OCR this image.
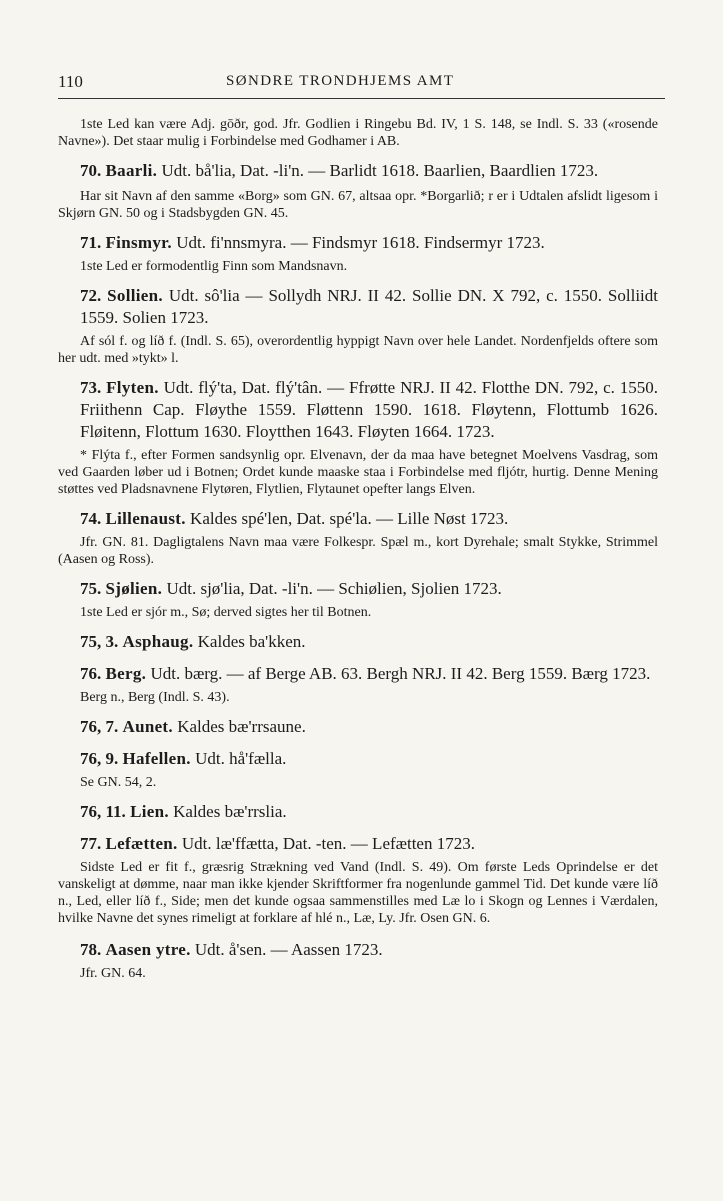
110	SØNDRE TRONDHJEMS AMT

1ste Led kan være Adj. gōðr, god. Jfr. Godlien i Ringebu Bd. IV, 1 S. 148, se Indl. S. 33 («rosende Navne»). Det staar mulig i Forbindelse med Godhamer i AB.

70. Baarli. Udt. bå'lia, Dat. -li'n. — Barlidt 1618. Baarlien, Baardlien 1723.

Har sit Navn af den samme «Borg» som GN. 67, altsaa opr. *Borgarlið; r er i Udtalen afslidt ligesom i Skjørn GN. 50 og i Stadsbygden GN. 45.

71. Finsmyr. Udt. fi'nnsmyra. — Findsmyr 1618. Findsermyr 1723.

1ste Led er formodentlig Finn som Mandsnavn.

72. Sollien. Udt. sô'lia — Sollydh NRJ. II 42. Sollie DN. X 792, c. 1550. Solliidt 1559. Solien 1723.

Af sól f. og líð f. (Indl. S. 65), overordentlig hyppigt Navn over hele Landet. Nordenfjelds oftere som her udt. med »tykt» l.

73. Flyten. Udt. flý'ta, Dat. flý'tân. — Ffrøtte NRJ. II 42. Flotthe DN. 792, c. 1550. Friithenn Cap. Fløythe 1559. Fløttenn 1590. 1618. Fløytenn, Flottumb 1626. Fløitenn, Flottum 1630. Floytthen 1643. Fløyten 1664. 1723.

* Flýta f., efter Formen sandsynlig opr. Elvenavn, der da maa have betegnet Moelvens Vasdrag, som ved Gaarden løber ud i Botnen; Ordet kunde maaske staa i Forbindelse med fljótr, hurtig. Denne Mening støttes ved Pladsnavnene Flytøren, Flytlien, Flytaunet opefter langs Elven.

74. Lillenaust. Kaldes spé'len, Dat. spé'la. — Lille Nøst 1723.

Jfr. GN. 81. Dagligtalens Navn maa være Folkespr. Spæl m., kort Dyrehale; smalt Stykke, Strimmel (Aasen og Ross).

75. Sjølien. Udt. sjø'lia, Dat. -li'n. — Schiølien, Sjolien 1723.

1ste Led er sjór m., Sø; derved sigtes her til Botnen.

75, 3. Asphaug. Kaldes ba'kken.

76. Berg. Udt. bærg. — af Berge AB. 63. Bergh NRJ. II 42. Berg 1559. Bærg 1723.

Berg n., Berg (Indl. S. 43).

76, 7. Aunet. Kaldes bæ'rrsaune.

76, 9. Hafellen. Udt. hå'fælla.

Se GN. 54, 2.

76, 11. Lien. Kaldes bæ'rrslia.

77. Lefætten. Udt. læ'ffætta, Dat. -ten. — Lefætten 1723.

Sidste Led er fit f., græsrig Strækning ved Vand (Indl. S. 49). Om første Leds Oprindelse er det vanskeligt at dømme, naar man ikke kjender Skriftformer fra nogenlunde gammel Tid. Det kunde være líð n., Led, eller líð f., Side; men det kunde ogsaa sammenstilles med Læ lo i Skogn og Lennes i Værdalen, hvilke Navne det synes rimeligt at forklare af hlé n., Læ, Ly. Jfr. Osen GN. 6.

78. Aasen ytre. Udt. å'sen. — Aassen 1723.

Jfr. GN. 64.
